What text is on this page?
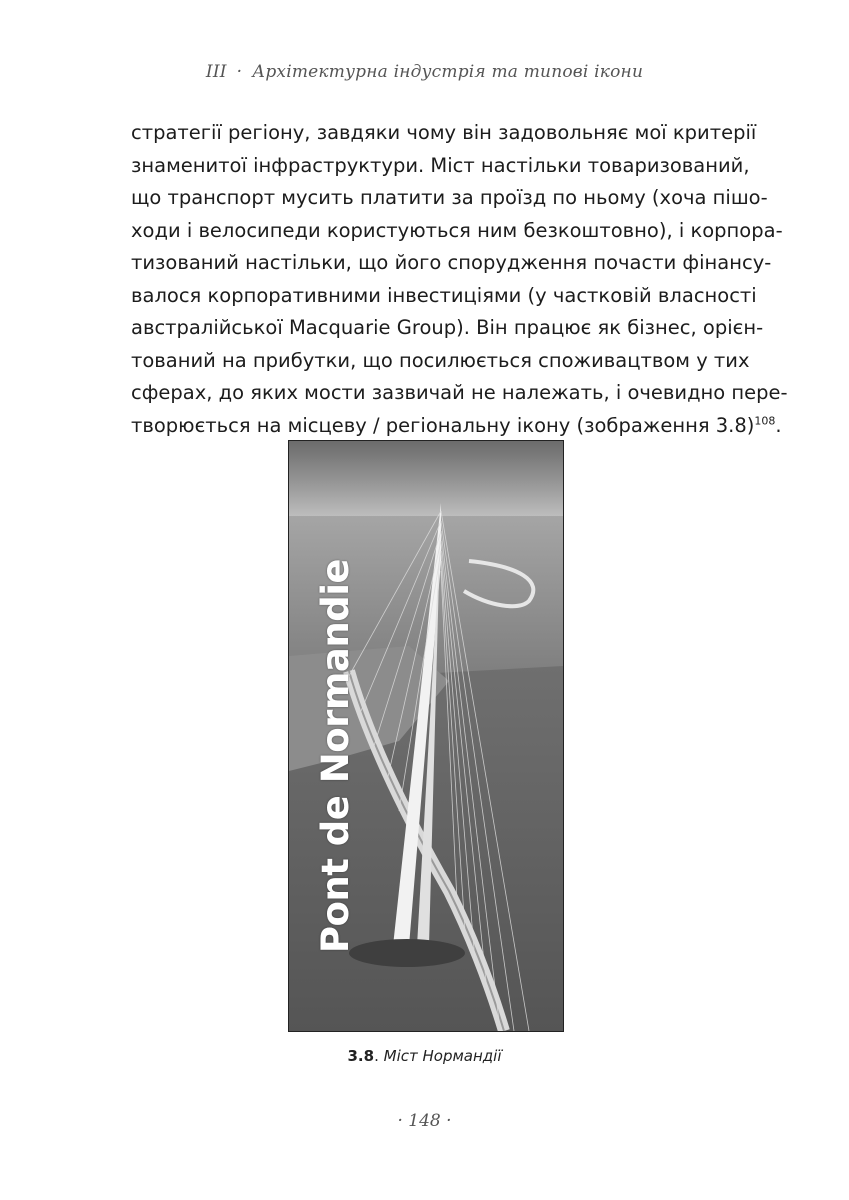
III · Архітектурна індустрія та типові ікони

стратегії регіону, завдяки чому він задовольняє мої критерії
знаменитої інфраструктури. Міст настільки товаризований,
що транспорт мусить платити за проїзд по ньому (хоча пішо-
ходи і велосипеди користуються ним безкоштовно), і корпора-
тизований настільки, що його спорудження почасти фінансу-
валося корпоративними інвестиціями (у частковій власності
австралійської Macquarie Group). Він працює як бізнес, орієн-
тований на прибутки, що посилюється споживацтвом у тих
сферах, до яких мости зазвичай не належать, і очевидно пере-
творюється на місцеву / регіональну ікону (зображення 3.8)$^{108}$.

Pont de Normandie
3.8. Міст Нормандії
· 148 ·
